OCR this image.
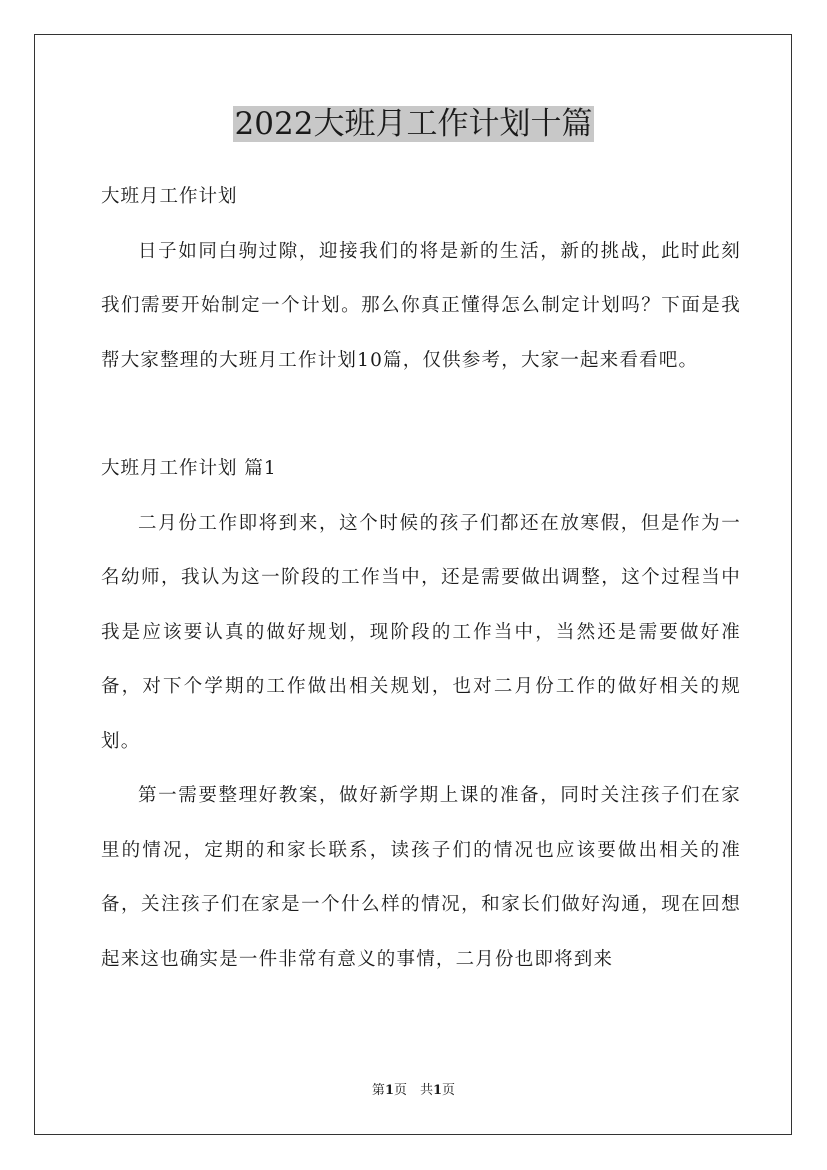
2022大班月工作计划十篇

大班月工作计划

日子如同白驹过隙，迎接我们的将是新的生活，新的挑战，此时此刻我们需要开始制定一个计划。那么你真正懂得怎么制定计划吗？下面是我帮大家整理的大班月工作计划10篇，仅供参考，大家一起来看看吧。

大班月工作计划 篇1

二月份工作即将到来，这个时候的孩子们都还在放寒假，但是作为一名幼师，我认为这一阶段的工作当中，还是需要做出调整，这个过程当中我是应该要认真的做好规划，现阶段的工作当中，当然还是需要做好准备，对下个学期的工作做出相关规划，也对二月份工作的做好相关的规划。

第一需要整理好教案，做好新学期上课的准备，同时关注孩子们在家里的情况，定期的和家长联系，读孩子们的情况也应该要做出相关的准备，关注孩子们在家是一个什么样的情况，和家长们做好沟通，现在回想起来这也确实是一件非常有意义的事情，二月份也即将到来

第1页　共1页
